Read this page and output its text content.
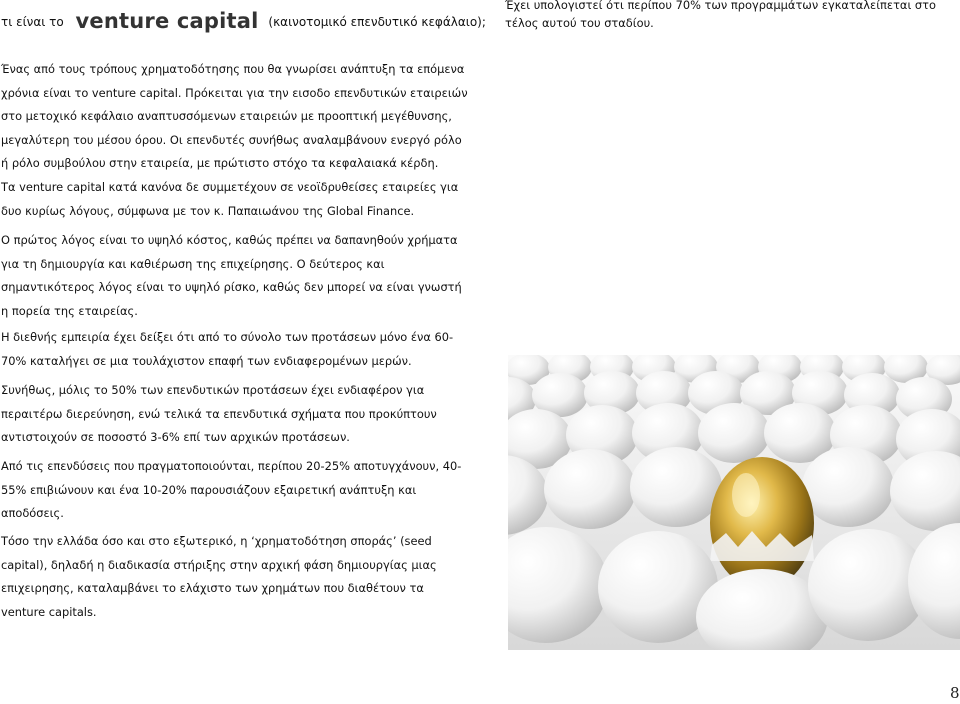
τι είναι το venture capital (καινοτομικό επενδυτικό κεφάλαιο);

Ένας από τους τρόπους χρηματοδότησης που θα γνωρίσει ανάπτυξη τα επόμενα χρόνια είναι το venture capital. Πρόκειται για την εισοδο επενδυτικών εταιρειών στο μετοχικό κεφάλαιο αναπτυσσόμενων εταιρειών με προοπτική μεγέθυνσης, μεγαλύτερη του μέσου όρου. Οι επενδυτές συνήθως αναλαμβάνουν ενεργό ρόλο ή ρόλο συμβούλου στην εταιρεία, με πρώτιστο στόχο τα κεφαλαιακά κέρδη.

Τα venture capital κατά κανόνα δε συμμετέχουν σε νεοϊδρυθείσες εταιρείες για δυο κυρίως λόγους, σύμφωνα με τον κ. Παπαιωάνου της Global Finance.

Ο πρώτος λόγος είναι το υψηλό κόστος, καθώς πρέπει να δαπανηθούν χρήματα για τη δημιουργία και καθιέρωση της επιχείρησης. Ο δεύτερος και σημαντικότερος λόγος είναι το υψηλό ρίσκο, καθώς δεν μπορεί να είναι γνωστή η πορεία της εταιρείας.

Η διεθνής εμπειρία έχει δείξει ότι από το σύνολο των προτάσεων μόνο ένα 60-70% καταλήγει σε μια τουλάχιστον επαφή των ενδιαφερομένων μερών.

Συνήθως, μόλις το 50% των επενδυτικών προτάσεων έχει ενδιαφέρον για περαιτέρω διερεύνηση, ενώ τελικά τα επενδυτικά σχήματα που προκύπτουν αντιστοιχούν σε ποσοστό 3-6% επί των αρχικών προτάσεων.

Από τις επενδύσεις που πραγματοποιούνται, περίπου 20-25% αποτυγχάνουν, 40-55% επιβιώνουν και ένα 10-20% παρουσιάζουν εξαιρετική ανάπτυξη και αποδόσεις.

Τόσο την ελλάδα όσο και στο εξωτερικό, η ‘χρηματοδότηση σποράς’ (seed capital), δηλαδή η διαδικασία στήριξης στην αρχική φάση δημιουργίας μιας επιχειρησης, καταλαμβάνει το ελάχιστο των χρημάτων που διαθέτουν τα venture capitals.

Έχει υπολογιστεί ότι περίπου 70% των προγραμμάτων εγκαταλείπεται στο τέλος αυτού του σταδίου.
8
